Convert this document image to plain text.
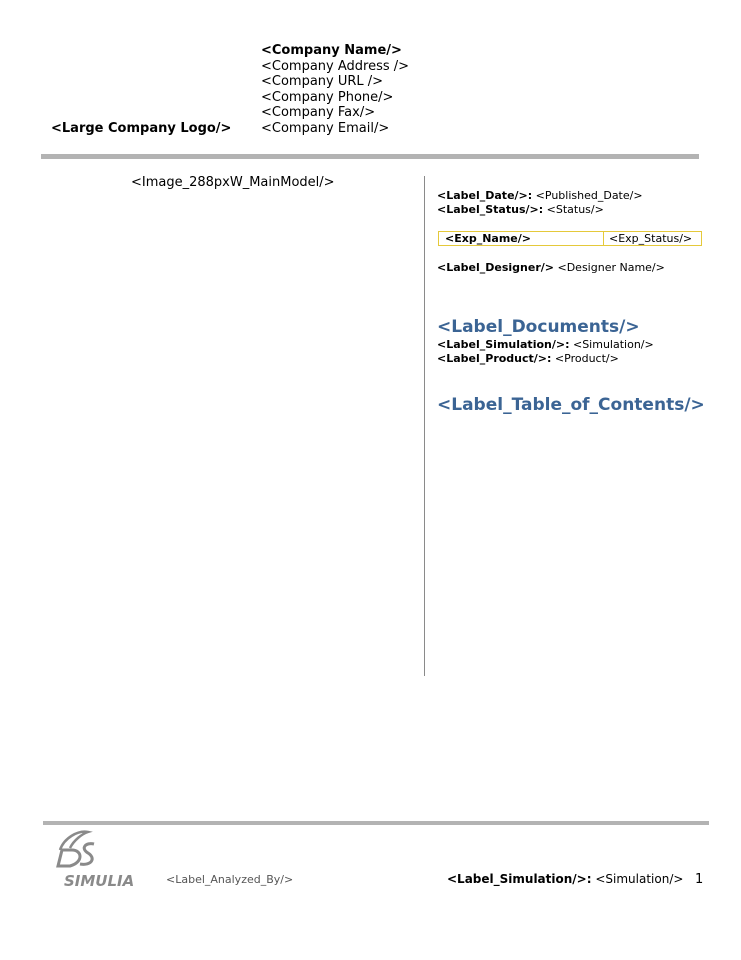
<Large Company Logo/>
<Company Name/>
<Company Address />
<Company URL />
<Company Phone/>
<Company Fax/>
<Company Email/>
<Image_288pxW_MainModel/>
<Label_Date/>: <Published_Date/>
<Label_Status/>: <Status/>
<Exp_Name/>	<Exp_Status/>
<Label_Designer/> <Designer Name/>
<Label_Documents/>
<Label_Simulation/>: <Simulation/>
<Label_Product/>: <Product/>
<Label_Table_of_Contents/>
SIMULIA	<Label_Analyzed_By/>	<Label_Simulation/>: <Simulation/> 1
